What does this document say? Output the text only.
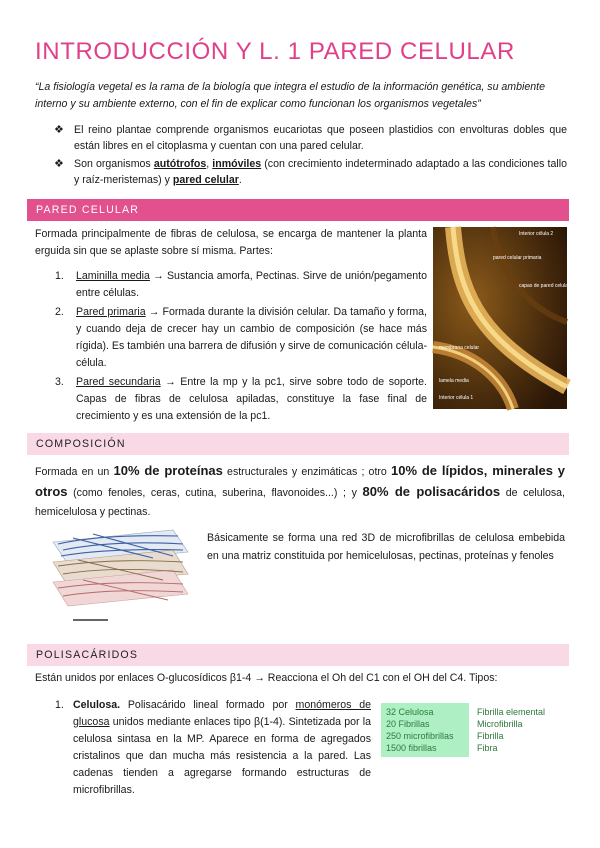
INTRODUCCIÓN Y L. 1 PARED CELULAR
“La fisiología vegetal es la rama de la biología que integra el estudio de la información genética, su ambiente interno y su ambiente externo, con el fin de explicar como funcionan los organismos vegetales”
❖ El reino plantae comprende organismos eucariotas que poseen plastidios con envolturas dobles que están libres en el citoplasma y cuentan con una pared celular.
❖ Son organismos autótrofos, inmóviles (con crecimiento indeterminado adaptado a las condiciones tallo y raíz-meristemas) y pared celular.
PARED CELULAR
Formada principalmente de fibras de celulosa, se encarga de mantener la planta erguida sin que se aplaste sobre sí misma. Partes:
1. Laminilla media → Sustancia amorfa, Pectinas. Sirve de unión/pegamento entre células.
2. Pared primaria → Formada durante la división celular. Da tamaño y forma, y cuando deja de crecer hay un cambio de composición (se hace más rígida). Es también una barrera de difusión y sirve de comunicación célula-célula.
3. Pared secundaria → Entre la mp y la pc1, sirve sobre todo de soporte. Capas de fibras de celulosa apiladas, constituye la fase final de crecimiento y es una extensión de la pc1.
Interior célula 2
pared celular primaria
capas de pared celular secundaria
membrana celular
lamela media
Interior célula 1
COMPOSICIÓN
Formada en un 10% de proteínas estructurales y enzimáticas ; otro 10% de lípidos, minerales y otros (como fenoles, ceras, cutina, suberina, flavonoides...) ; y 80% de polisacáridos de celulosa, hemicelulosa y pectinas.
Básicamente se forma una red 3D de microfibrillas de celulosa embebida en una matriz constituida por hemicelulosas, pectinas, proteínas y fenoles
POLISACÁRIDOS
Están unidos por enlaces O-glucosídicos β1-4 → Reacciona el Oh del C1 con el OH del C4. Tipos:
1. Celulosa. Polisacárido lineal formado por monómeros de glucosa unidos mediante enlaces tipo β(1-4). Sintetizada por la celulosa sintasa en la MP. Aparece en forma de agregados cristalinos que dan mucha más resistencia a la pared. Las cadenas tienden a agregarse formando estructuras de microfibrillas.
32 Celulosa
20 Fibrillas
250 microfibrillas
1500 fibrillas
Fibrilla elemental
Microfibrilla
Fibrilla
Fibra
